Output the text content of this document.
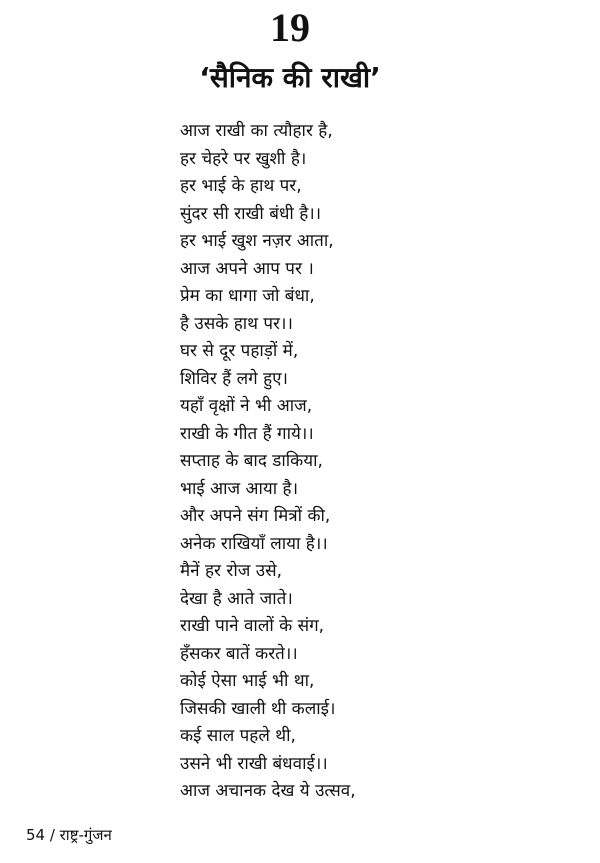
19
‘सैनिक की राखी’
आज राखी का त्यौहार है,
हर चेहरे पर खुशी है।
हर भाई के हाथ पर,
सुंदर सी राखी बंधी है।।
हर भाई खुश नज़र आता,
आज अपने आप पर ।
प्रेम का धागा जो बंधा,
है उसके हाथ पर।।
घर से दूर पहाड़ों में,
शिविर हैं लगे हुए।
यहाँ वृक्षों ने भी आज,
राखी के गीत हैं गाये।।
सप्ताह के बाद डाकिया,
भाई आज आया है।
और अपने संग मित्रों की,
अनेक राखियाँ लाया है।।
मैनें हर रोज उसे,
देखा है आते जाते।
राखी पाने वालों के संग,
हँसकर बातें करते।।
कोई ऐसा भाई भी था,
जिसकी खाली थी कलाई।
कई साल पहले थी,
उसने भी राखी बंधवाई।।
आज अचानक देख ये उत्सव,
54 / राष्ट्र-गुंजन
